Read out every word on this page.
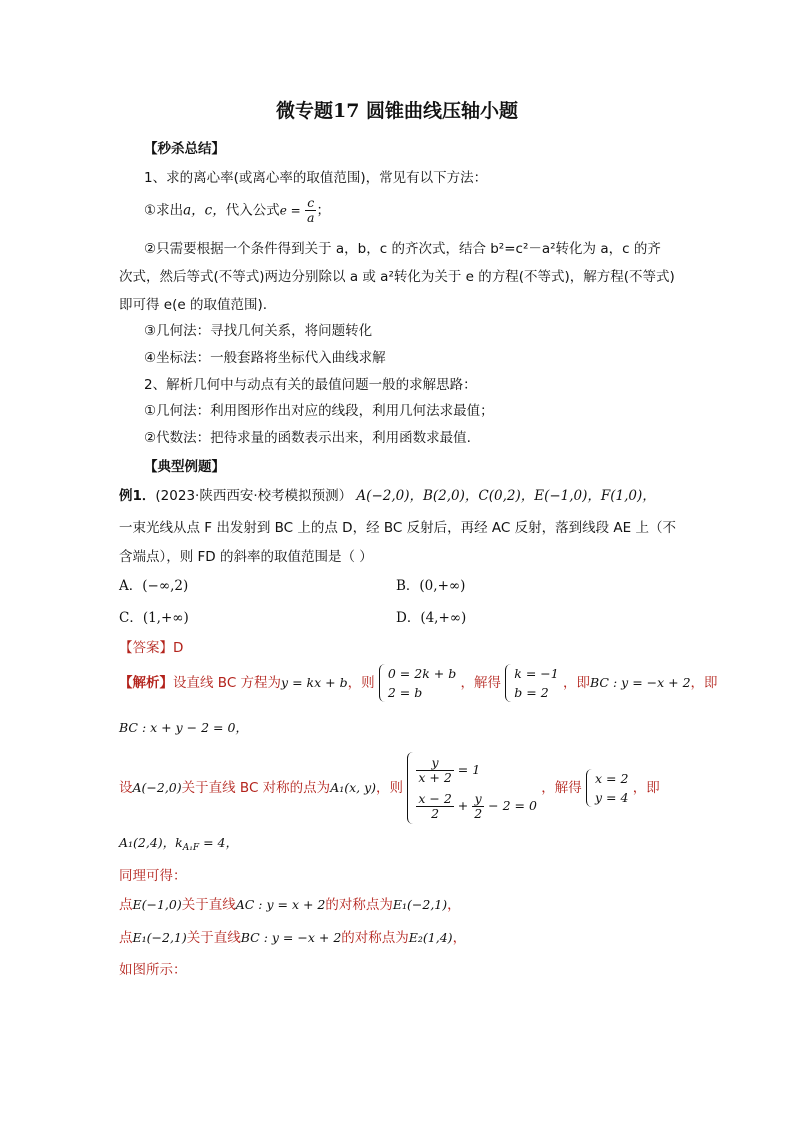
微专题17 圆锥曲线压轴小题
【秒杀总结】
1、求的离心率(或离心率的取值范围)，常见有以下方法：
①求出a，c，代入公式$e = \frac{c}{a}$ ；
②只需要根据一个条件得到关于 a，b，c 的齐次式，结合 b²=c²－a²转化为 a，c 的齐
次式，然后等式(不等式)两边分别除以 a 或 a²转化为关于 e 的方程(不等式)，解方程(不等式)
即可得 e(e 的取值范围).
③几何法：寻找几何关系，将问题转化
④坐标法：一般套路将坐标代入曲线求解
2、解析几何中与动点有关的最值问题一般的求解思路：
①几何法：利用图形作出对应的线段，利用几何法求最值；
②代数法：把待求量的函数表示出来，利用函数求最值.
【典型例题】
例1．(2023·陕西西安·校考模拟预测） A(−2,0)，B(2,0)，C(0,2)，E(−1,0)，F(1,0)，
一束光线从点 F 出发射到 BC 上的点 D，经 BC 反射后，再经 AC 反射，落到线段 AE 上（不
含端点），则 FD 的斜率的取值范围是（ ）
A．(−∞,2)	B．(0,+∞)
C．(1,+∞)	D．(4,+∞)
【答案】D
【解析】设直线 BC 方程为y = kx + b，则
0 = 2k + b
2 = b
，解得
k = −1
b = 2
，即BC : y = −x + 2，即
BC : x + y − 2 = 0，
设A(−2,0)关于直线 BC 对称的点为A₁(x, y)，则
$\frac{y}{x + 2} = 1$
$\frac{x - 2}{2} + \frac{y}{2} - 2 = 0$
，解得
x = 2
y = 4
，即
A₁(2,4)，$k_{A_1F} = 4$，
同理可得：
点E(−1,0)关于直线AC : y = x + 2的对称点为E₁(−2,1)，
点E₁(−2,1)关于直线BC : y = −x + 2的对称点为E₂(1,4)，
如图所示：
